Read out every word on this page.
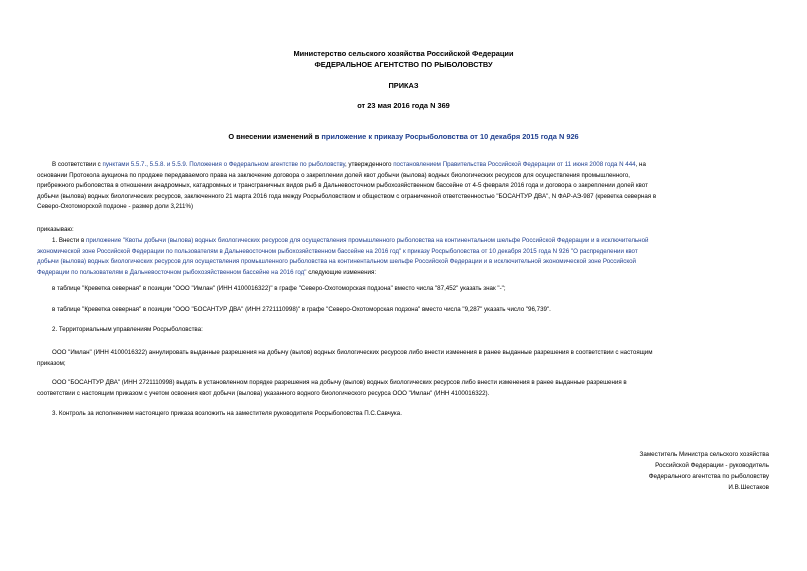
Министерство сельского хозяйства Российской Федерации
ФЕДЕРАЛЬНОЕ АГЕНТСТВО ПО РЫБОЛОВСТВУ
ПРИКАЗ
от 23 мая 2016 года N 369
О внесении изменений в приложение к приказу Росрыболовства от 10 декабря 2015 года N 926
В соответствии с пунктами 5.5.7., 5.5.8. и 5.5.9. Положения о Федеральном агентстве по рыболовству, утвержденного постановлением Правительства Российской Федерации от 11 июня 2008 года N 444, на
основании Протокола аукциона по продаже передаваемого права на заключение договора о закреплении долей квот добычи (вылова) водных биологических ресурсов для осуществления промышленного,
прибрежного рыболовства в отношении анадромных, катадромных и трансграничных видов рыб в Дальневосточном рыбохозяйственном бассейне от 4-5 февраля 2016 года и договора о закреплении долей квот
добычи (вылова) водных биологических ресурсов, заключенного 21 марта 2016 года между Росрыболовством и обществом с ограниченной ответственностью "БОСАНТУР ДВА", N ФАР-АЭ-987 (креветка северная в
Северо-Охотоморской подзоне - размер доли 3,211%)
приказываю:
1. Внести в приложение "Квоты добычи (вылова) водных биологических ресурсов для осуществления промышленного рыболовства на континентальном шельфе Российской Федерации и в исключительной
экономической зоне Российской Федерации по пользователям в Дальневосточном рыбохозяйственном бассейне на 2016 год" к приказу Росрыболовства от 10 декабря 2015 года N 926 "О распределении квот
добычи (вылова) водных биологических ресурсов для осуществления промышленного рыболовства на континентальном шельфе Российской Федерации и в исключительной экономической зоне Российской
Федерации по пользователям в Дальневосточном рыбохозяйственном бассейне на 2016 год" следующие изменения:
в таблице "Креветка северная" в позиции "ООО "Имлан" (ИНН 4100016322)" в графе "Северо-Охотоморская подзона" вместо числа "87,452" указать знак "-";
в таблице "Креветка северная" в позиции "ООО "БОСАНТУР ДВА" (ИНН 2721110998)" в графе "Северо-Охотоморская подзона" вместо числа "9,287" указать число "96,739".
2. Территориальным управлениям Росрыболовства:
ООО "Имлан" (ИНН 4100016322) аннулировать выданные разрешения на добычу (вылов) водных биологических ресурсов либо внести изменения в ранее выданные разрешения в соответствии с настоящим
приказом;
ООО "БОСАНТУР ДВА" (ИНН 2721110998) выдать в установленном порядке разрешения на добычу (вылов) водных биологических ресурсов либо внести изменения в ранее выданные разрешения в
соответствии с настоящим приказом с учетом освоения квот добычи (вылова) указанного водного биологического ресурса ООО "Имлан" (ИНН 4100016322).
3. Контроль за исполнением настоящего приказа возложить на заместителя руководителя Росрыболовства П.С.Савчука.
Заместитель Министра сельского хозяйства
Российской Федерации - руководитель
Федерального агентства по рыболовству
И.В.Шестаков
